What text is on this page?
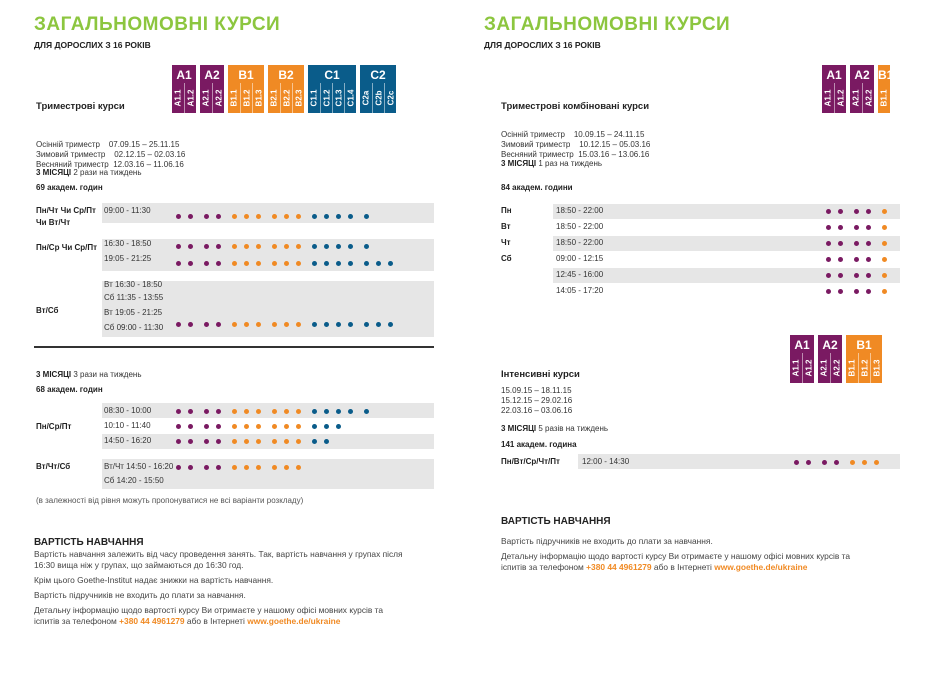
ЗАГАЛЬНОМОВНІ КУРСИ
ДЛЯ ДОРОСЛИХ З 16 РОКІВ
A1
A1.1 A1.2
A2
A2.1 A2.2
B1
B1.1 B1.2 B1.3
B2
B2.1 B2.2 B2.3
C1
C1.1 C1.2 C1.3 C1.4
C2
C2a C2b C2c
Триместрові курси

Осінній триместр    07.09.15 – 25.11.15
Зимовий триместр    02.12.15 – 02.03.16
Весняний триместр  12.03.16 – 11.06.16

3 МІСЯЦІ 2 рази на тиждень
69 академ. годин
09:00 - 11:30
16:30 - 18:50
19:05 - 21:25
Вт 16:30 - 18:50
Сб 11:35 - 13:55
Вт 19:05 - 21:25
Сб 09:00 - 11:30
Пн/Чт Чи Ср/Пт Чи Вт/Чт
Пн/Ср Чи Ср/Пт
Вт/Сб
3 МІСЯЦІ 3 рази на тиждень
68 академ. годин
08:30 - 10:00
10:10 - 11:40
14:50 - 16:20
Вт/Чт 14:50 - 16:20
Сб 14:20 - 15:50
Пн/Ср/Пт
Вт/Чт/Сб
(в залежності від рівня можуть пропонуватися не всі варіанти розкладу)
ВАРТІСТЬ НАВЧАННЯ
Вартість навчання залежить від часу проведення занять. Так, вартість навчання у групах після
16:30 вища ніж у групах, що займаються до 16:30 год.
Крім цього Goethe-Institut надає знижки на вартість навчання.
Вартість підручників не входить до плати за навчання.
Детальну інформацію щодо вартості курсу Ви отримаєте у нашому офісі мовних курсів та
іспитів за телефоном +380 44 4961279 або в Інтернеті www.goethe.de/ukraine
ЗАГАЛЬНОМОВНІ КУРСИ
ДЛЯ ДОРОСЛИХ З 16 РОКІВ
A1
A1.1 A1.2
A2
A2.1 A2.2
B1
B1.1
Триместрові комбіновані курси

Осінній триместр    10.09.15 – 24.11.15
Зимовий триместр    10.12.15 – 05.03.16
Весняний триместр  15.03.16 – 13.06.16

3 МІСЯЦІ 1 раз на тиждень
84 академ. години
18:50 - 22:00
18:50 - 22:00
18:50 - 22:00
09:00 - 12:15
12:45 - 16:00
14:05 - 17:20
Пн
Вт
Чт
Сб
A1
A1.1 A1.2
A2
A2.1 A2.2
B1
B1.1 B1.2 B1.3
Інтенсивні курси
15.09.15 – 18.11.15
15.12.15 – 29.02.16
22.03.16 – 03.06.16
3 МІСЯЦІ 5 разів на тиждень
141 академ. година
Пн/Вт/Ср/Чт/Пт	12:00 - 14:30
ВАРТІСТЬ НАВЧАННЯ
Вартість підручників не входить до плати за навчання.
Детальну інформацію щодо вартості курсу Ви отримаєте у нашому офісі мовних курсів та
іспитів за телефоном +380 44 4961279 або в Інтернеті www.goethe.de/ukraine
